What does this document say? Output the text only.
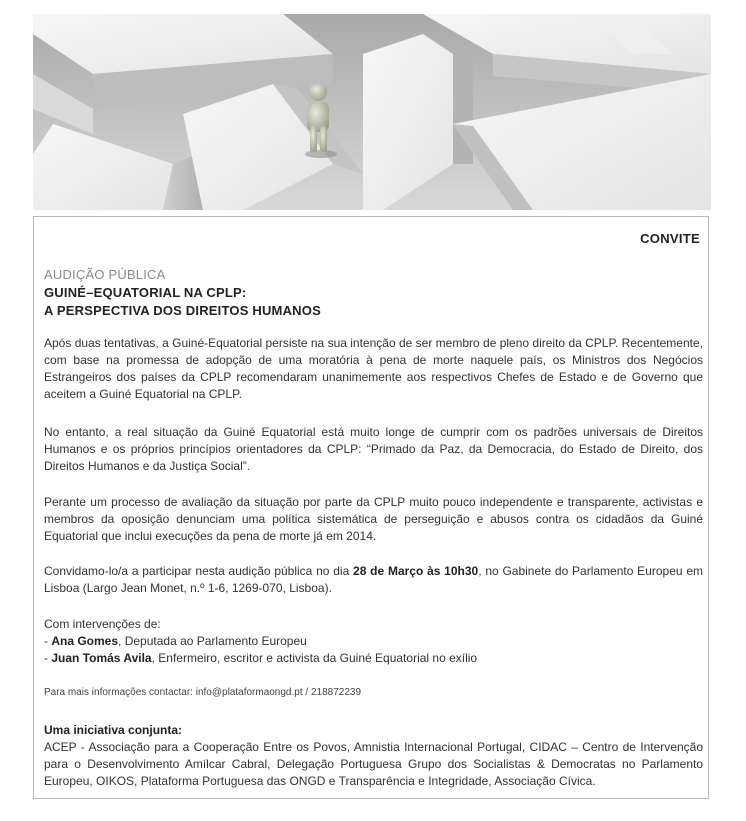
CONVITE
AUDIÇÃO PÚBLICA
GUINÉ–EQUATORIAL NA CPLP:
A PERSPECTIVA DOS DIREITOS HUMANOS

Após duas tentativas, a Guiné-Equatorial persiste na sua intenção de ser membro de pleno direito da CPLP. Recentemente, com base na promessa de adopção de uma moratória à pena de morte naquele país, os Ministros dos Negócios Estrangeiros dos países da CPLP recomendaram unanimemente aos respectivos Chefes de Estado e de Governo que aceitem a Guiné Equatorial na CPLP.

No entanto, a real situação da Guiné Equatorial está muito longe de cumprir com os padrões universais de Direitos Humanos e os próprios princípios orientadores da CPLP: “Primado da Paz, da Democracia, do Estado de Direito, dos Direitos Humanos e da Justiça Social”.

Perante um processo de avaliação da situação por parte da CPLP muito pouco independente e transparente, activistas e membros da oposição denunciam uma política sistemática de perseguição e abusos contra os cidadãos da Guiné Equatorial que inclui execuções da pena de morte já em 2014.

Convidamo-lo/a a participar nesta audição pública no dia 28 de Março às 10h30, no Gabinete do Parlamento Europeu em Lisboa (Largo Jean Monet, n.º 1-6, 1269-070, Lisboa).

Com intervenções de:
- Ana Gomes, Deputada ao Parlamento Europeu
- Juan Tomás Avila, Enfermeiro, escritor e activista da Guiné Equatorial no exílio
Para mais informações contactar: info@plataformaongd.pt / 218872239
Uma iniciativa conjunta:
ACEP - Associação para a Cooperação Entre os Povos, Amnistia Internacional Portugal, CIDAC – Centro de Intervenção para o Desenvolvimento Amílcar Cabral, Delegação Portuguesa Grupo dos Socialistas & Democratas no Parlamento Europeu, OIKOS, Plataforma Portuguesa das ONGD e Transparência e Integridade, Associação Cívica.
